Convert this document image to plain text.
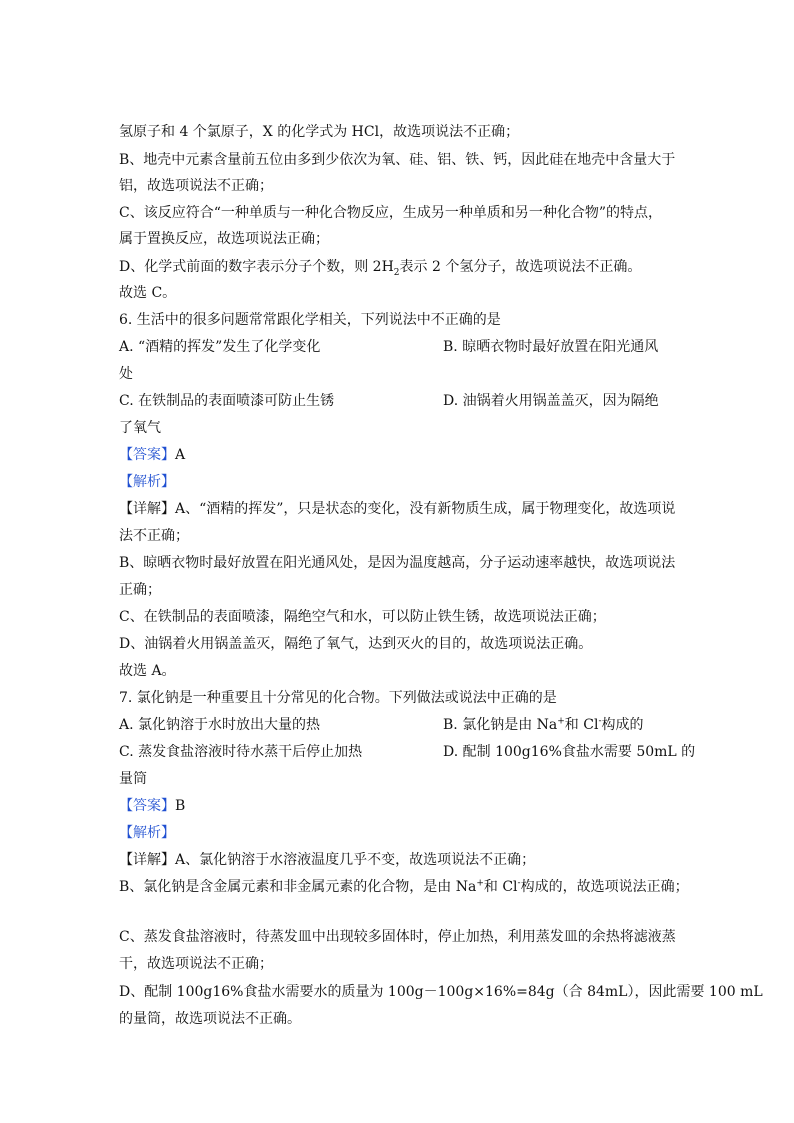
氢原子和 4 个氯原子，X 的化学式为 HCl，故选项说法不正确；
B、地壳中元素含量前五位由多到少依次为氧、硅、铝、铁、钙，因此硅在地壳中含量大于
铝，故选项说法不正确；
C、该反应符合“一种单质与一种化合物反应，生成另一种单质和另一种化合物”的特点，
属于置换反应，故选项说法正确；
D、化学式前面的数字表示分子个数，则 $2H_2$表示 2 个氢分子，故选项说法不正确。
故选 C。
6. 生活中的很多问题常常跟化学相关，下列说法中不正确的是
A. “酒精的挥发”发生了化学变化	B. 晾晒衣物时最好放置在阳光通风
处
C. 在铁制品的表面喷漆可防止生锈	D. 油锅着火用锅盖盖灭，因为隔绝
了氧气
【答案】A
【解析】
【详解】A、“酒精的挥发”，只是状态的变化，没有新物质生成，属于物理变化，故选项说
法不正确；
B、晾晒衣物时最好放置在阳光通风处，是因为温度越高，分子运动速率越快，故选项说法
正确；
C、在铁制品的表面喷漆，隔绝空气和水，可以防止铁生锈，故选项说法正确；
D、油锅着火用锅盖盖灭，隔绝了氧气，达到灭火的目的，故选项说法正确。
故选 A。
7. 氯化钠是一种重要且十分常见的化合物。下列做法或说法中正确的是
A. 氯化钠溶于水时放出大量的热	B. 氯化钠是由 Na+和 Cl-构成的
C. 蒸发食盐溶液时待水蒸干后停止加热	D. 配制 100g16%食盐水需要 50mL 的
量筒
【答案】B
【解析】
【详解】A、氯化钠溶于水溶液温度几乎不变，故选项说法不正确；
B、氯化钠是含金属元素和非金属元素的化合物，是由 Na+和 Cl-构成的，故选项说法正确；
C、蒸发食盐溶液时，待蒸发皿中出现较多固体时，停止加热，利用蒸发皿的余热将滤液蒸
干，故选项说法不正确；
D、配制 100g16%食盐水需要水的质量为 100g－100g×16%=84g（合 84mL），因此需要 100 mL
的量筒，故选项说法不正确。
